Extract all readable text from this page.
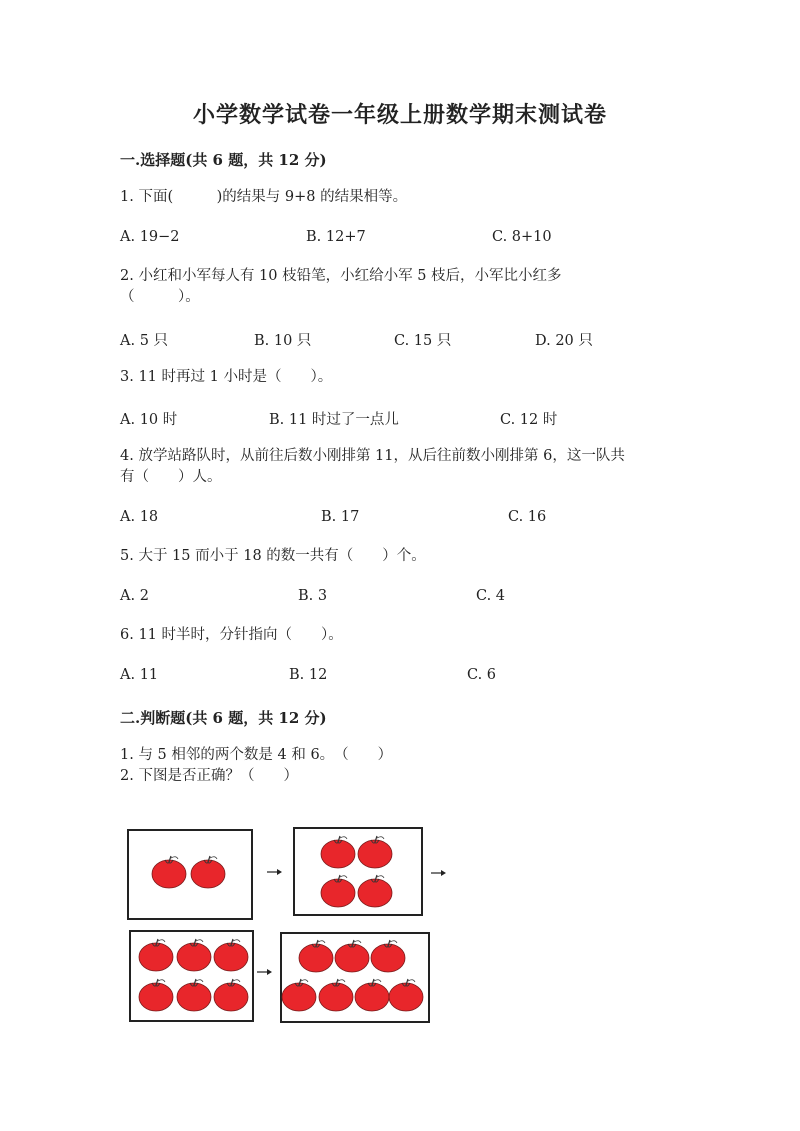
小学数学试卷一年级上册数学期末测试卷
一.选择题(共 6 题，共 12 分)
1. 下面(　　　)的结果与 9+8 的结果相等。
A. 19−2	B. 12+7	C. 8+10
2. 小红和小军每人有 10 枝铅笔，小红给小军 5 枝后，小军比小红多
（　　　）。
A. 5 只	B. 10 只	C. 15 只	D. 20 只
3. 11 时再过 1 小时是（　　）。
A. 10 时	B. 11 时过了一点儿	C. 12 时
4. 放学站路队时，从前往后数小刚排第 11，从后往前数小刚排第 6，这一队共
有（　　）人。
A. 18	B. 17	C. 16
5. 大于 15 而小于 18 的数一共有（　　）个。
A. 2	B. 3	C. 4
6. 11 时半时，分针指向（　　）。
A. 11	B. 12	C. 6
二.判断题(共 6 题，共 12 分)
1. 与 5 相邻的两个数是 4 和 6。　（　　）
2. 下图是否正确？（　　）
